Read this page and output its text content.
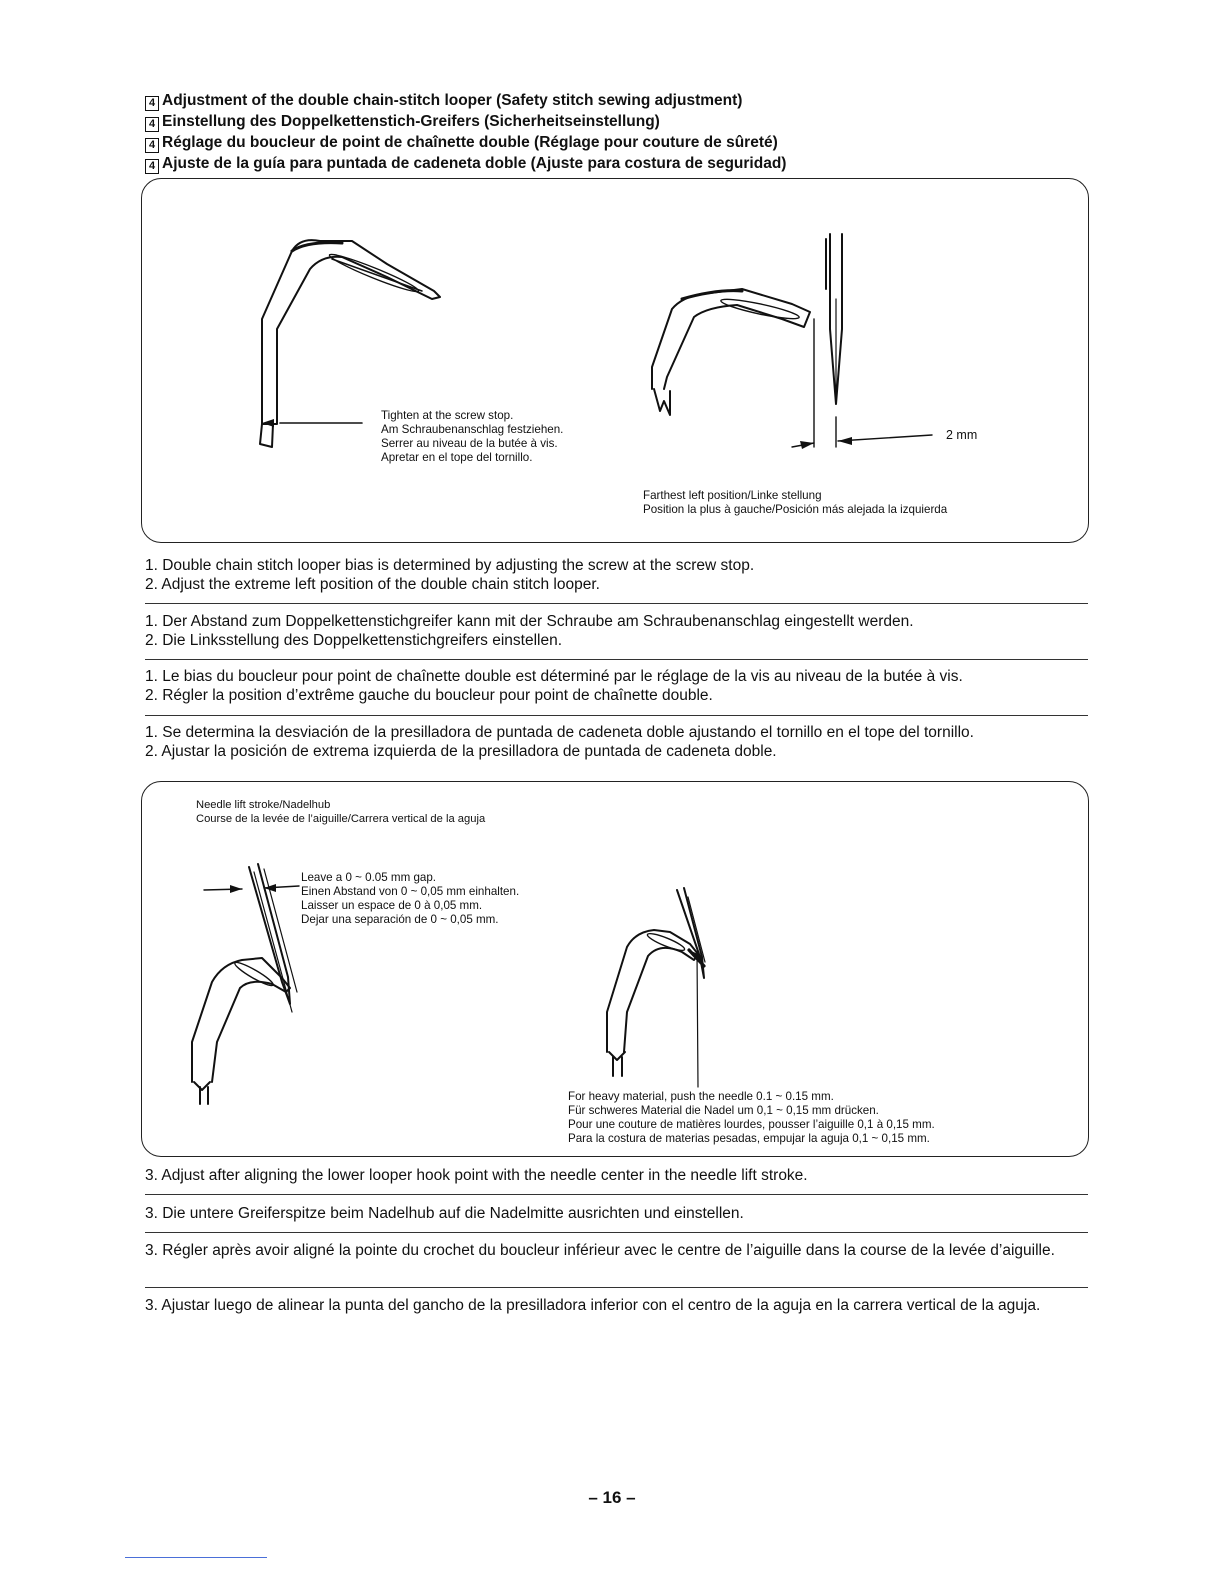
4 Adjustment of the double chain-stitch looper (Safety stitch sewing adjustment)
4 Einstellung des Doppelkettenstich-Greifers (Sicherheitseinstellung)
4 Réglage du boucleur de point de chaînette double (Réglage pour couture de sûreté)
4 Ajuste de la guía para puntada de cadeneta doble (Ajuste para costura de seguridad)
Tighten at the screw stop.
Am Schraubenanschlag festziehen.
Serrer au niveau de la butée à vis.
Apretar en el tope del tornillo.
2 mm
Farthest left position/Linke stellung
Position la plus à gauche/Posición más alejada la izquierda
1. Double chain stitch looper bias is determined by adjusting the screw at the screw stop.
2. Adjust the extreme left position of the double chain stitch looper.
1. Der Abstand zum Doppelkettenstichgreifer kann mit der Schraube am Schraubenanschlag eingestellt werden.
2. Die Linksstellung des Doppelkettenstichgreifers einstellen.
1. Le bias du boucleur pour point de chaînette double est déterminé par le réglage de la vis au niveau de la butée à vis.
2. Régler la position d’extrême gauche du boucleur pour point de chaînette double.
1. Se determina la desviación de la presilladora de puntada de cadeneta doble ajustando el tornillo en el tope del tornillo.
2. Ajustar la posición de extrema izquierda de la presilladora de puntada de cadeneta doble.
Needle lift stroke/Nadelhub
Course de la levée de l’aiguille/Carrera vertical de la aguja
Leave a 0 ~ 0.05 mm gap.
Einen Abstand von 0 ~ 0,05 mm einhalten.
Laisser un espace de 0 à 0,05 mm.
Dejar una separación de 0 ~ 0,05 mm.
For heavy material, push the needle 0.1 ~ 0.15 mm.
Für schweres Material die Nadel um 0,1 ~ 0,15 mm drücken.
Pour une couture de matières lourdes, pousser l’aiguille 0,1 à 0,15 mm.
Para la costura de materias pesadas, empujar la aguja 0,1 ~ 0,15 mm.
3. Adjust after aligning the lower looper hook point with the needle center in the needle lift stroke.
3. Die untere Greiferspitze beim Nadelhub auf die Nadelmitte ausrichten und einstellen.
3. Régler après avoir aligné la pointe du crochet du boucleur inférieur avec le centre de l’aiguille dans la course de la levée d’aiguille.
3. Ajustar luego de alinear la punta del gancho de la presilladora inferior con el centro de la aguja en la carrera vertical de la aguja.
– 16 –
